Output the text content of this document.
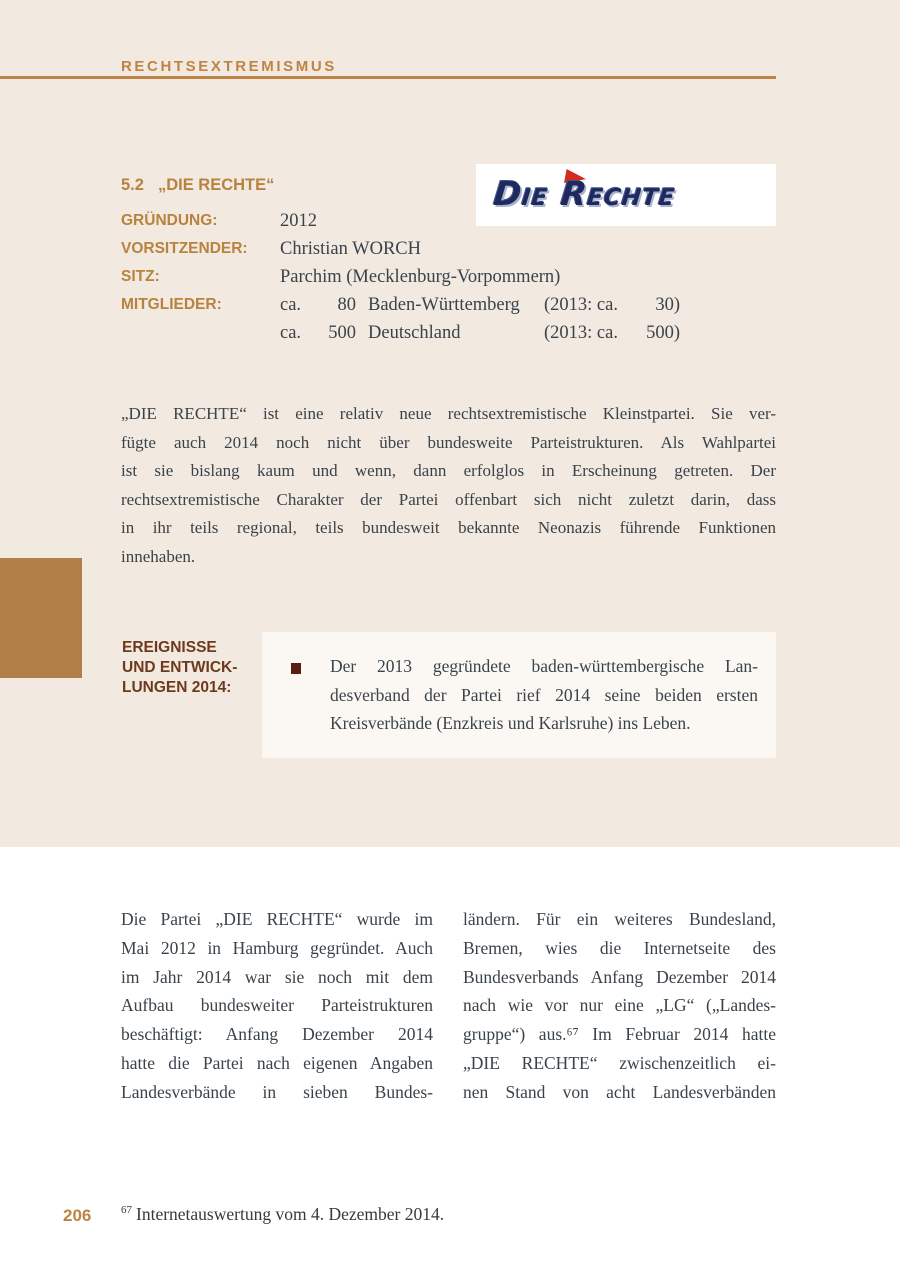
RECHTSEXTREMISMUS
5.2 „DIE RECHTE“	Die Rechte
GRÜNDUNG:	2012
VORSITZENDER:	Christian WORCH
SITZ:	Parchim (Mecklenburg-Vorpommern)
MITGLIEDER:	ca.	80 Baden-Württemberg	(2013: ca.	30)
ca.	500 Deutschland	(2013: ca.	500)
„DIE RECHTE“ ist eine relativ neue rechtsextremistische Kleinstpartei. Sie ver-
fügte auch 2014 noch nicht über bundesweite Parteistrukturen. Als Wahlpartei
ist sie bislang kaum und wenn, dann erfolglos in Erscheinung getreten. Der
rechtsextremistische Charakter der Partei offenbart sich nicht zuletzt darin, dass
in ihr teils regional, teils bundesweit bekannte Neonazis führende Funktionen
innehaben.
EREIGNISSE
UND ENTWICK-
LUNGEN 2014:
Der 2013 gegründete baden-württembergische Lan-
desverband der Partei rief 2014 seine beiden ersten
Kreisverbände (Enzkreis und Karlsruhe) ins Leben.
Die Partei „DIE RECHTE“ wurde im
Mai 2012 in Hamburg gegründet. Auch
im Jahr 2014 war sie noch mit dem
Aufbau bundesweiter Parteistrukturen
beschäftigt: Anfang Dezember 2014
hatte die Partei nach eigenen Angaben
Landesverbände in sieben Bundes-
ländern. Für ein weiteres Bundesland,
Bremen, wies die Internetseite des
Bundesverbands Anfang Dezember 2014
nach wie vor nur eine „LG“ („Landes-
gruppe“) aus.⁶⁷ Im Februar 2014 hatte
„DIE RECHTE“ zwischenzeitlich ei-
nen Stand von acht Landesverbänden
206	$^{67}$ Internetauswertung vom 4. Dezember 2014.
